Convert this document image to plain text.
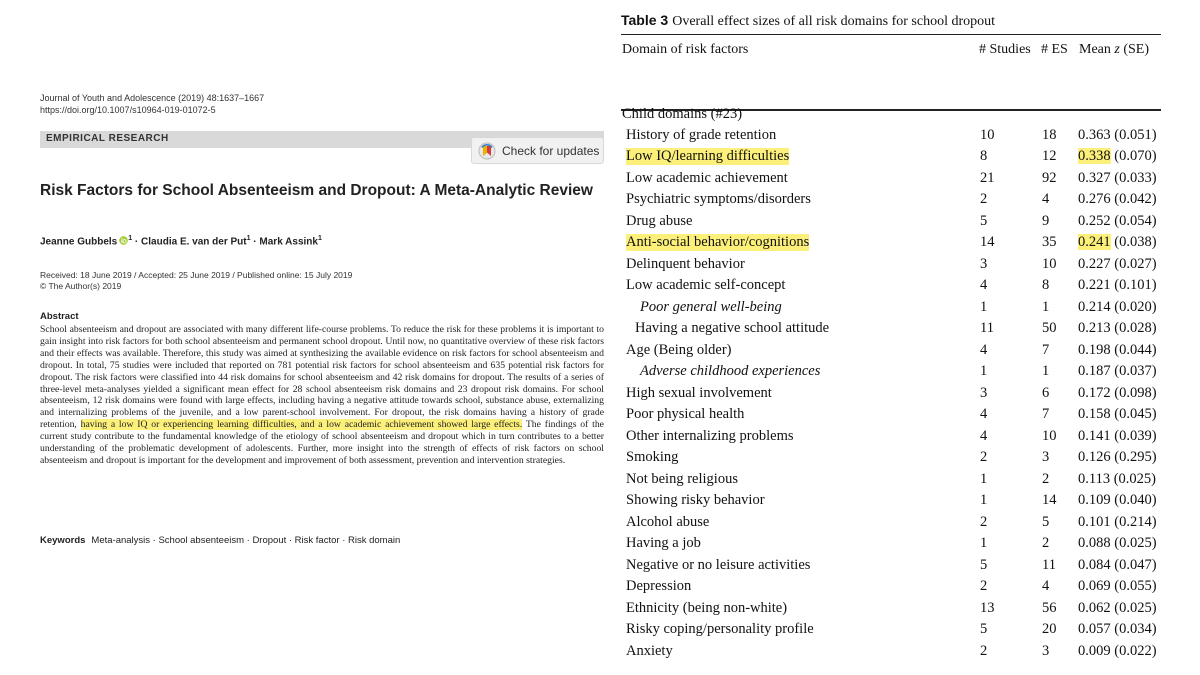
Journal of Youth and Adolescence (2019) 48:1637–1667
https://doi.org/10.1007/s10964-019-01072-5
EMPIRICAL RESEARCH
Check for updates
Risk Factors for School Absenteeism and Dropout: A Meta-Analytic Review
Jeanne Gubbels $^1$ · Claudia E. van der Put$^1$ · Mark Assink$^1$
Received: 18 June 2019 / Accepted: 25 June 2019 / Published online: 15 July 2019
© The Author(s) 2019
Abstract
School absenteeism and dropout are associated with many different life-course problems. To reduce the risk for these problems it is important to gain insight into risk factors for both school absenteeism and permanent school dropout. Until now, no quantitative overview of these risk factors and their effects was available. Therefore, this study was aimed at synthesizing the available evidence on risk factors for school absenteeism and dropout. In total, 75 studies were included that reported on 781 potential risk factors for school absenteeism and 635 potential risk factors for dropout. The risk factors were classified into 44 risk domains for school absenteeism and 42 risk domains for dropout. The results of a series of three-level meta-analyses yielded a significant mean effect for 28 school absenteeism risk domains and 23 dropout risk domains. For school absenteeism, 12 risk domains were found with large effects, including having a negative attitude towards school, substance abuse, externalizing and internalizing problems of the juvenile, and a low parent-school involvement. For dropout, the risk domains having a history of grade retention, having a low IQ or experiencing learning difficulties, and a low academic achievement showed large effects. The findings of the current study contribute to the fundamental knowledge of the etiology of school absenteeism and dropout which in turn contributes to a better understanding of the problematic development of adolescents. Further, more insight into the strength of effects of risk factors on school absenteeism and dropout is important for the development and improvement of both assessment, prevention and intervention strategies.
Keywords Meta-analysis · School absenteeism · Dropout · Risk factor · Risk domain
Table 3 Overall effect sizes of all risk domains for school dropout
Domain of risk factors	# Studies # ES Mean z (SE)
Child domains (#23)
History of grade retention	10	18 0.363 (0.051)
Low IQ/learning difficulties	8	12 0.338 (0.070)
Low academic achievement	21	92 0.327 (0.033)
Psychiatric symptoms/disorders	2	4 0.276 (0.042)
Drug abuse	5	9 0.252 (0.054)
Anti-social behavior/cognitions	14	35 0.241 (0.038)
Delinquent behavior	3	10 0.227 (0.027)
Low academic self-concept	4	8 0.221 (0.101)
Poor general well-being	1	1 0.214 (0.020)
Having a negative school attitude	11	50 0.213 (0.028)
Age (Being older)	4	7 0.198 (0.044)
Adverse childhood experiences	1	1 0.187 (0.037)
High sexual involvement	3	6 0.172 (0.098)
Poor physical health	4	7 0.158 (0.045)
Other internalizing problems	4	10 0.141 (0.039)
Smoking	2	3 0.126 (0.295)
Not being religious	1	2 0.113 (0.025)
Showing risky behavior	1	14 0.109 (0.040)
Alcohol abuse	2	5 0.101 (0.214)
Having a job	1	2 0.088 (0.025)
Negative or no leisure activities	5	11 0.084 (0.047)
Depression	2	4 0.069 (0.055)
Ethnicity (being non-white)	13	56 0.062 (0.025)
Risky coping/personality profile	5	20 0.057 (0.034)
Anxiety	2	3 0.009 (0.022)
